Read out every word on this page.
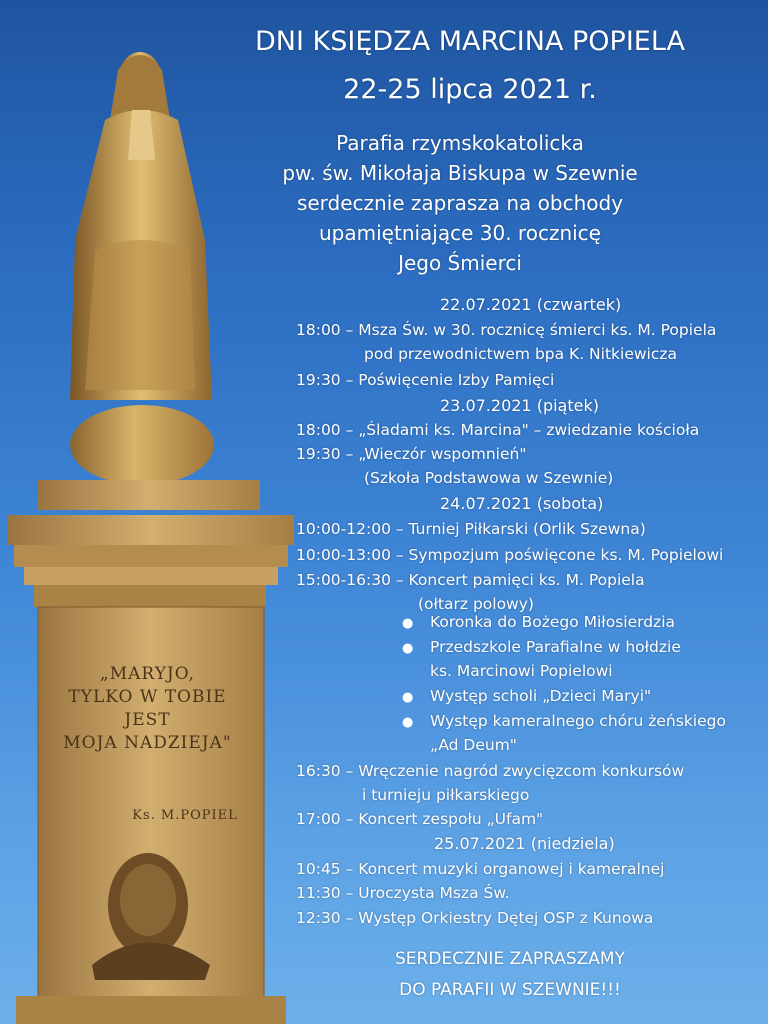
„MARYJO,
TYLKO W TOBIE
JEST
MOJA NADZIEJA"
Ks. M.POPIEL
DNI KSIĘDZA MARCINA POPIELA
22-25 lipca 2021 r.
Parafia rzymskokatolicka
pw. św. Mikołaja Biskupa w Szewnie
serdecznie zaprasza na obchody
upamiętniające 30. rocznicę
Jego Śmierci
22.07.2021 (czwartek)
18:00 – Msza Św. w 30. rocznicę śmierci ks. M. Popiela
pod przewodnictwem bpa K. Nitkiewicza
19:30 – Poświęcenie Izby Pamięci
23.07.2021 (piątek)
18:00 – „Śladami ks. Marcina" – zwiedzanie kościoła
19:30 – „Wieczór wspomnień"
(Szkoła Podstawowa w Szewnie)
24.07.2021 (sobota)
10:00-12:00 – Turniej Piłkarski (Orlik Szewna)
10:00-13:00 – Sympozjum poświęcone ks. M. Popielowi
15:00-16:30 – Koncert pamięci ks. M. Popiela
(ołtarz polowy)
● Koronka do Bożego Miłosierdzia
● Przedszkole Parafialne w hołdzie
ks. Marcinowi Popielowi
● Występ scholi „Dzieci Maryi"
● Występ kameralnego chóru żeńskiego
„Ad Deum"
16:30 – Wręczenie nagród zwycięzcom konkursów
i turnieju piłkarskiego
17:00 – Koncert zespołu „Ufam"
25.07.2021 (niedziela)
10:45 – Koncert muzyki organowej i kameralnej
11:30 – Uroczysta Msza Św.
12:30 – Występ Orkiestry Dętej OSP z Kunowa
SERDECZNIE ZAPRASZAMY
DO PARAFII W SZEWNIE!!!
